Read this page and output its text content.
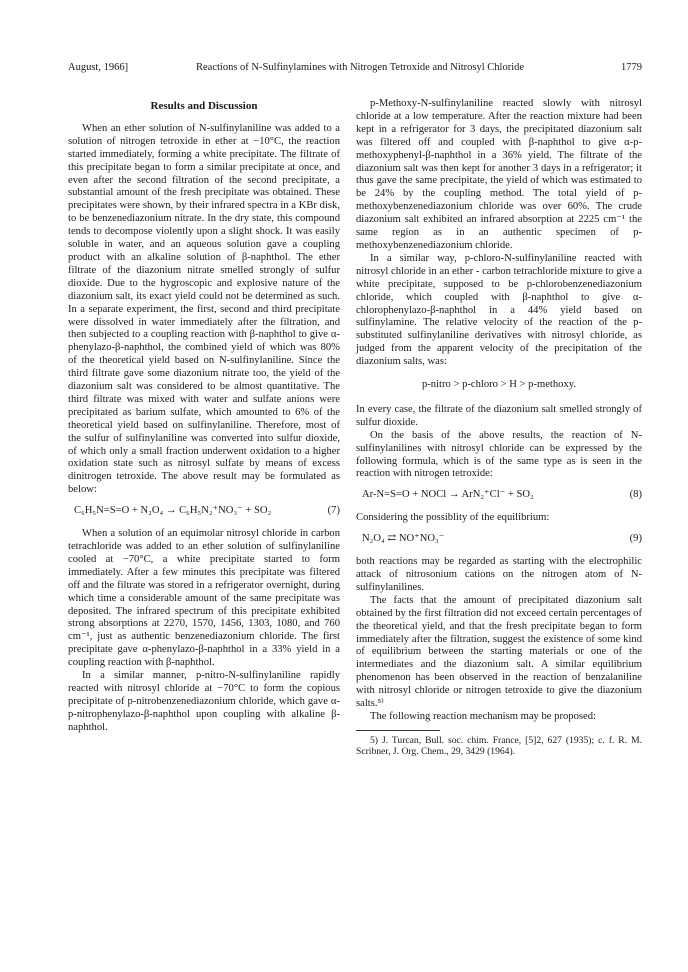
August, 1966]	Reactions of N-Sulfinylamines with Nitrogen Tetroxide and Nitrosyl Chloride	1779
Results and Discussion

When an ether solution of N-sulfinylaniline was added to a solution of nitrogen tetroxide in ether at −10°C, the reaction started immediately, forming a white precipitate. The filtrate of this precipitate began to form a similar precipitate at once, and even after the second filtration of the second precipitate, a substantial amount of the fresh precipitate was obtained. These precipitates were shown, by their infrared spectra in a KBr disk, to be benzenediazonium nitrate. In the dry state, this compound tends to decompose violently upon a slight shock. It was easily soluble in water, and an aqueous solution gave a coupling product with an alkaline solution of β-naphthol. The ether filtrate of the diazonium nitrate smelled strongly of sulfur dioxide. Due to the hygroscopic and explosive nature of the diazonium salt, its exact yield could not be determined as such. In a separate experiment, the first, second and third precipitate were dissolved in water immediately after the filtration, and then subjected to a coupling reaction with β-naphthol to give α-phenylazo-β-naphthol, the combined yield of which was 80% of the theoretical yield based on N-sulfinylaniline. Since the third filtrate gave some diazonium nitrate too, the yield of the diazonium salt was considered to be almost quantitative. The third filtrate was mixed with water and sulfate anions were precipitated as barium sulfate, which amounted to 6% of the theoretical yield based on sulfinylaniline. Therefore, most of the sulfur of sulfinylaniline was converted into sulfur dioxide, of which only a small fraction underwent oxidation to a higher oxidation state such as nitrosyl sulfate by means of excess dinitrogen tetroxide. The above result may be formulated as below:

C₆H₅N=S=O + N₂O₄ → C₆H₅N₂⁺NO₃⁻ + SO₂	(7)

When a solution of an equimolar nitrosyl chloride in carbon tetrachloride was added to an ether solution of sulfinylaniline cooled at −70°C, a white precipitate started to form immediately. After a few minutes this precipitate was filtered off and the filtrate was stored in a refrigerator overnight, during which time a considerable amount of the same precipitate was deposited. The infrared spectrum of this precipitate exhibited strong absorptions at 2270, 1570, 1456, 1303, 1080, and 760 cm⁻¹, just as authentic benzenediazonium chloride. The first precipitate gave α-phenylazo-β-naphthol in a 33% yield in a coupling reaction with β-naphthol.

In a similar manner, p-nitro-N-sulfinylaniline rapidly reacted with nitrosyl chloride at −70°C to form the copious precipitate of p-nitrobenzenediazonium chloride, which gave α-p-nitrophenylazo-β-naphthol upon coupling with alkaline β-naphthol.

p-Methoxy-N-sulfinylaniline reacted slowly with nitrosyl chloride at a low temperature. After the reaction mixture had been kept in a refrigerator for 3 days, the precipitated diazonium salt was filtered off and coupled with β-naphthol to give α-p-methoxyphenyl-β-naphthol in a 36% yield. The filtrate of the diazonium salt was then kept for another 3 days in a refrigerator; it thus gave the same precipitate, the yield of which was estimated to be 24% by the coupling method. The total yield of p-methoxybenzenediazonium chloride was over 60%. The crude diazonium salt exhibited an infrared absorption at 2225 cm⁻¹ the same region as in an authentic specimen of p-methoxybenzenediazonium chloride.

In a similar way, p-chloro-N-sulfinylaniline reacted with nitrosyl chloride in an ether - carbon tetrachloride mixture to give a white precipitate, supposed to be p-chlorobenzenediazonium chloride, which coupled with β-naphthol to give α-chlorophenylazo-β-naphthol in a 44% yield based on sulfinylamine. The relative velocity of the reaction of the p-substituted sulfinylaniline derivatives with nitrosyl chloride, as judged from the apparent velocity of the precipitation of the diazonium salts, was:

p-nitro > p-chloro > H > p-methoxy.

In every case, the filtrate of the diazonium salt smelled strongly of sulfur dioxide.

On the basis of the above results, the reaction of N-sulfinylanilines with nitrosyl chloride can be expressed by the following formula, which is of the same type as is seen in the reaction with nitrogen tetroxide:

Ar-N=S=O + NOCl → ArN₂⁺Cl⁻ + SO₂	(8)

Considering the possiblity of the equilibrium:

N₂O₄ ⇄ NO⁺NO₃⁻	(9)

both reactions may be regarded as starting with the electrophilic attack of nitrosonium cations on the nitrogen atom of N-sulfinylanilines.

The facts that the amount of precipitated diazonium salt obtained by the first filtration did not exceed certain percentages of the theoretical yield, and that the fresh precipitate began to form immediately after the filtration, suggest the existence of some kind of equilibrium between the starting materials or one of the intermediates and the diazonium salt. A similar equilibrium phenomenon has been observed in the reaction of benzalaniline with nitrosyl chloride or nitrogen tetroxide to give the diazonium salts.⁵⁾

The following reaction mechanism may be proposed:

5) J. Turcan, Bull. soc. chim. France, [5]2, 627 (1935); c. f. R. M. Scribner, J. Org. Chem., 29, 3429 (1964).
